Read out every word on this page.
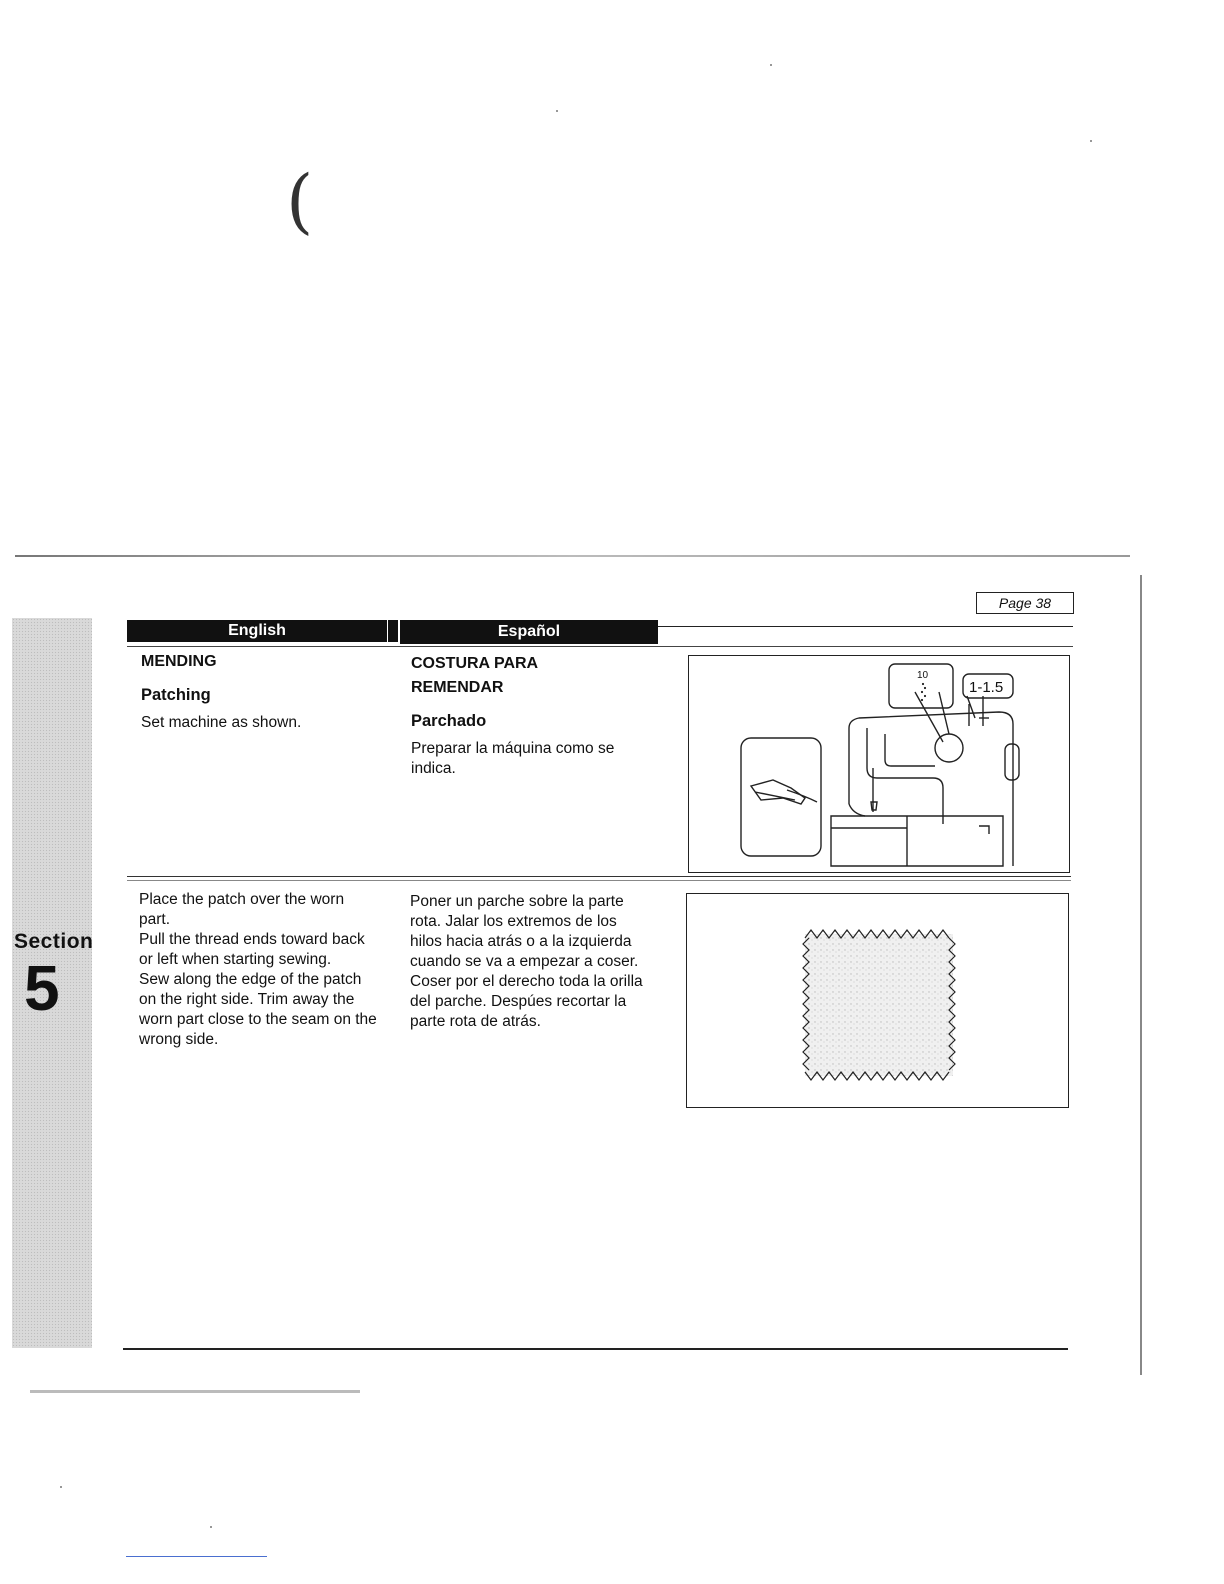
(
Section
5
Page 38
English	Español
MENDING
Patching
Set machine as shown.
COSTURA PARA
REMENDAR
Parchado
Preparar la máquina como se indica.
10
1-1.5
Place the patch over the worn part.
Pull the thread ends toward back or left when starting sewing.
Sew along the edge of the patch on the right side. Trim away the worn part close to the seam on the wrong side.
Poner un parche sobre la parte rota. Jalar los extremos de los hilos hacia atrás o a la izquierda cuando se va a empezar a coser.
Coser por el derecho toda la orilla del parche. Despúes recortar la parte rota de atrás.
